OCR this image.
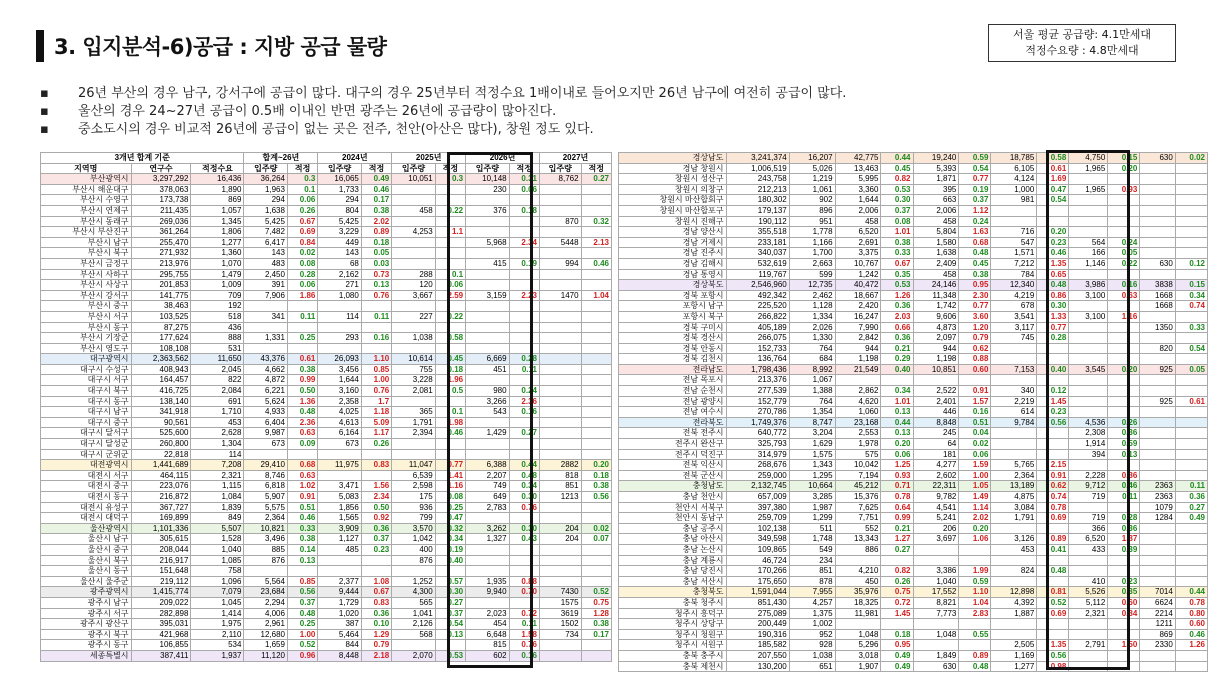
3. 입지분석-6)공급 : 지방 공급 물량
서울 평균 공급량: 4.1만세대
적정수요량 : 4.8만세대
▪	26년 부산의 경우 남구, 강서구에 공급이 많다. 대구의 경우 25년부터 적정수요 1배이내로 들어오지만 26년 남구에 여전히 공급이 많다.
▪	울산의 경우 24~27년 공급이 0.5배 이내인 반면 광주는 26년에 공급량이 많아진다.
▪	중소도시의 경우 비교적 26년에 공급이 없는 곳은 전주, 천안(아산은 많다), 창원 정도 있다.
3개년 합계 기준			합계~26년		2024년		2025년		2026년		2027년	
지역명	연구수	적정수요	입주량	적정	입주량	적정	입주량	적정	입주량	적정	입주량	적정
부산광역시	3,297,292	16,436	36,264	0.3	16,065	0.49	10,051	0.3	10,148	0.31	8,762	0.27
부산시 해운대구	378,063	1,890	1,963	0.1	1,733	0.46			230	0.06		
부산시 수영구	173,738	869	294	0.06	294	0.17						
부산시 연제구	211,435	1,057	1,638	0.26	804	0.38	458	0.22	376	0.18		
부산시 동래구	269,036	1,345	5,425	0.67	5,425	2.02					870	0.32
부산시 부산진구	361,264	1,806	7,482	0.69	3,229	0.89	4,253	1.1				
부산시 남구	255,470	1,277	6,417	0.84	449	0.18			5,968	2.34	5448	2.13
부산시 북구	271,932	1,360	143	0.02	143	0.05						
부산시 금정구	213,976	1,070	483	0.08	68	0.03			415	0.19	994	0.46
부산시 사하구	295,755	1,479	2,450	0.28	2,162	0.73	288	0.1				
부산시 사상구	201,853	1,009	391	0.06	271	0.13	120	0.06				
부산시 강서구	141,775	709	7,906	1.86	1,080	0.76	3,667	2.59	3,159	2.23	1470	1.04
부산시 중구	38,463	192										
부산시 서구	103,525	518	341	0.11	114	0.11	227	0.22				
부산시 동구	87,275	436										
부산시 기장군	177,624	888	1,331	0.25	293	0.16	1,038	0.58				
부산시 영도구	108,108	531										
대구광역시	2,363,562	11,650	43,376	0.61	26,093	1.10	10,614	0.45	6,669	0.28		
대구시 수성구	408,943	2,045	4,662	0.38	3,456	0.85	755	0.18	451	0.11		
대구시 서구	164,457	822	4,872	0.99	1,644	1.00	3,228	1.96				
대구시 북구	416,725	2,084	6,221	0.50	3,160	0.76	2,081	0.5	980	0.24		
대구시 동구	138,140	691	5,624	1.36	2,358	1.7			3,266	2.36		
대구시 남구	341,918	1,710	4,933	0.48	4,025	1.18	365	0.1	543	0.16		
대구시 중구	90,561	453	6,404	2.36	4,613	5.09	1,791	1.98				
대구시 달서구	525,600	2,628	9,987	0.63	6,164	1.17	2,394	0.46	1,429	0.27		
대구시 달성군	260,800	1,304	673	0.09	673	0.26						
대구시 군위군	22,818	114										
대전광역시	1,441,689	7,208	29,410	0.68	11,975	0.83	11,047	0.77	6,388	0.44	2882	0.20
대전시 서구	464,115	2,321	8,746	0.63			6,539	1.41	2,207	0.48	818	0.18
대전시 중구	223,076	1,115	6,818	1.02	3,471	1.56	2,598	1.16	749	0.34	851	0.38
대전시 동구	216,872	1,084	5,907	0.91	5,083	2.34	175	0.08	649	0.30	1213	0.56
대전시 유성구	367,727	1,839	5,575	0.51	1,856	0.50	936	0.25	2,783	0.76		
대전시 대덕구	169,899	849	2,364	0.46	1,565	0.92	799	0.47				
울산광역시	1,101,336	5,507	10,821	0.33	3,909	0.36	3,570	0.32	3,262	0.30	204	0.02
울산시 남구	305,615	1,528	3,496	0.38	1,127	0.37	1,042	0.34	1,327	0.43	204	0.07
울산시 중구	208,044	1,040	885	0.14	485	0.23	400	0.19				
울산시 북구	216,917	1,085	876	0.13			876	0.40				
울산시 동구	151,648	758										
울산시 울주군	219,112	1,096	5,564	0.85	2,377	1.08	1,252	0.57	1,935	0.88		
광주광역시	1,415,774	7,079	23,684	0.56	9,444	0.67	4,300	0.30	9,940	0.70	7430	0.52
광주시 남구	209,022	1,045	2,294	0.37	1,729	0.83	565	0.27			1575	0.75
광주시 서구	282,898	1,414	4,006	0.48	1,020	0.36	1,041	0.37	2,023	0.72	3619	1.28
광주시 광산구	395,031	1,975	2,961	0.25	387	0.10	2,126	0.54	454	0.11	1502	0.38
광주시 북구	421,968	2,110	12,680	1.00	5,464	1.29	568	0.13	6,648	1.58	734	0.17
광주시 동구	106,855	534	1,659	0.52	844	0.79			815	0.76		
세종특별시	387,411	1,937	11,120	0.96	8,448	2.18	2,070	0.53	602	0.16		
경상남도	3,241,374	16,207	42,775	0.44	19,240	0.59	18,785	0.58	4,750	0.15	630	0.02
경남 창원시	1,006,519	5,026	13,463	0.45	5,393	0.54	6,105	0.61	1,965	0.20		
창원시 성산구	243,758	1,219	5,995	0.82	1,871	0.77	4,124	1.69				
창원시 의창구	212,213	1,061	3,360	0.53	395	0.19	1,000	0.47	1,965	0.93		
창원시 마산합회구	180,302	902	1,644	0.30	663	0.37	981	0.54				
창원시 마산합포구	179,137	896	2,006	0.37	2,006	1.12						
창원시 진해구	190,112	951	458	0.08	458	0.24						
경남 양산시	355,518	1,778	6,520	1.01	5,804	1.63	716	0.20				
경남 거제시	233,181	1,166	2,691	0.38	1,580	0.68	547	0.23	564	0.24		
경남 진주시	340,037	1,700	3,375	0.33	1,638	0.48	1,571	0.46	166	0.05		
경남 김해시	532,619	2,663	10,767	0.67	2,409	0.45	7,212	1.35	1,146	0.22	630	0.12
경남 통영시	119,767	599	1,242	0.35	458	0.38	784	0.65				
경상북도	2,546,960	12,735	40,472	0.53	24,146	0.95	12,340	0.48	3,986	0.16	3838	0.15
경북 포항시	492,342	2,462	18,667	1.26	11,348	2.30	4,219	0.86	3,100	0.63	1668	0.34
포항시 남구	225,520	1,128	2,420	0.36	1,742	0.77	678	0.30			1668	0.74
포항시 북구	266,822	1,334	16,247	2.03	9,606	3.60	3,541	1.33	3,100	1.16		
경북 구미시	405,189	2,026	7,990	0.66	4,873	1.20	3,117	0.77			1350	0.33
경북 경산시	266,075	1,330	2,842	0.36	2,097	0.79	745	0.28				
경북 안동시	152,733	764	944	0.21	944	0.62					820	0.54
경북 김천시	136,764	684	1,198	0.29	1,198	0.88						
전라남도	1,798,436	8,992	21,549	0.40	10,851	0.60	7,153	0.40	3,545	0.20	925	0.05
전남 목포시	213,376	1,067										
전남 순천시	277,539	1,388	2,862	0.34	2,522	0.91	340	0.12				
전남 광양시	152,779	764	4,620	1.01	2,401	1.57	2,219	1.45			925	0.61
전남 여수시	270,786	1,354	1,060	0.13	446	0.16	614	0.23				
전라북도	1,749,376	8,747	23,168	0.44	8,848	0.51	9,784	0.56	4,536	0.26		
전북 전주시	640,772	3,204	2,553	0.13	245	0.04			2,308	0.36		
전주시 완산구	325,793	1,629	1,978	0.20	64	0.02			1,914	0.59		
전주시 덕진구	314,979	1,575	575	0.06	181	0.06			394	0.13		
전북 익산시	268,676	1,343	10,042	1.25	4,277	1.59	5,765	2.15				
전북 군산시	259,000	1,295	7,194	0.93	2,602	1.00	2,364	0.91	2,228	0.86		
충청남도	2,132,745	10,664	45,212	0.71	22,311	1.05	13,189	0.62	9,712	0.46	2363	0.11
충남 천안시	657,009	3,285	15,376	0.78	9,782	1.49	4,875	0.74	719	0.11	2363	0.36
천안시 서북구	397,380	1,987	7,625	0.64	4,541	1.14	3,084	0.78			1079	0.27
천안시 동남구	259,709	1,299	7,751	0.99	5,241	2.02	1,791	0.69	719	0.28	1284	0.49
충남 공주시	102,138	511	552	0.21	206	0.20			366	0.36		
충남 아산시	349,598	1,748	13,343	1.27	3,697	1.06	3,126	0.89	6,520	1.87		
충남 논산시	109,865	549	886	0.27			453	0.41	433	0.39		
충남 계룡시	46,724	234										
충남 당진시	170,266	851	4,210	0.82	3,386	1.99	824	0.48				
충남 서산시	175,650	878	450	0.26	1,040	0.59			410	0.23		
충청북도	1,591,044	7,955	35,976	0.75	17,552	1.10	12,898	0.81	5,526	0.35	7014	0.44
충북 청주시	851,430	4,257	18,325	0.72	8,821	1.04	4,392	0.52	5,112	0.60	6624	0.78
청주시 흥덕구	275,089	1,375	11,981	1.45	7,773	2.83	1,887	0.69	2,321	0.84	2214	0.80
청주시 상당구	200,449	1,002									1211	0.60
청주시 청원구	190,316	952	1,048	0.18	1,048	0.55					869	0.46
청주시 서원구	185,582	928	5,296	0.95			2,505	1.35	2,791	1.50	2330	1.26
충북 충주시	207,550	1,038	3,018	0.49	1,849	0.89	1,169	0.56				
충북 제천시	130,200	651	1,907	0.49	630	0.48	1,277	0.98				
